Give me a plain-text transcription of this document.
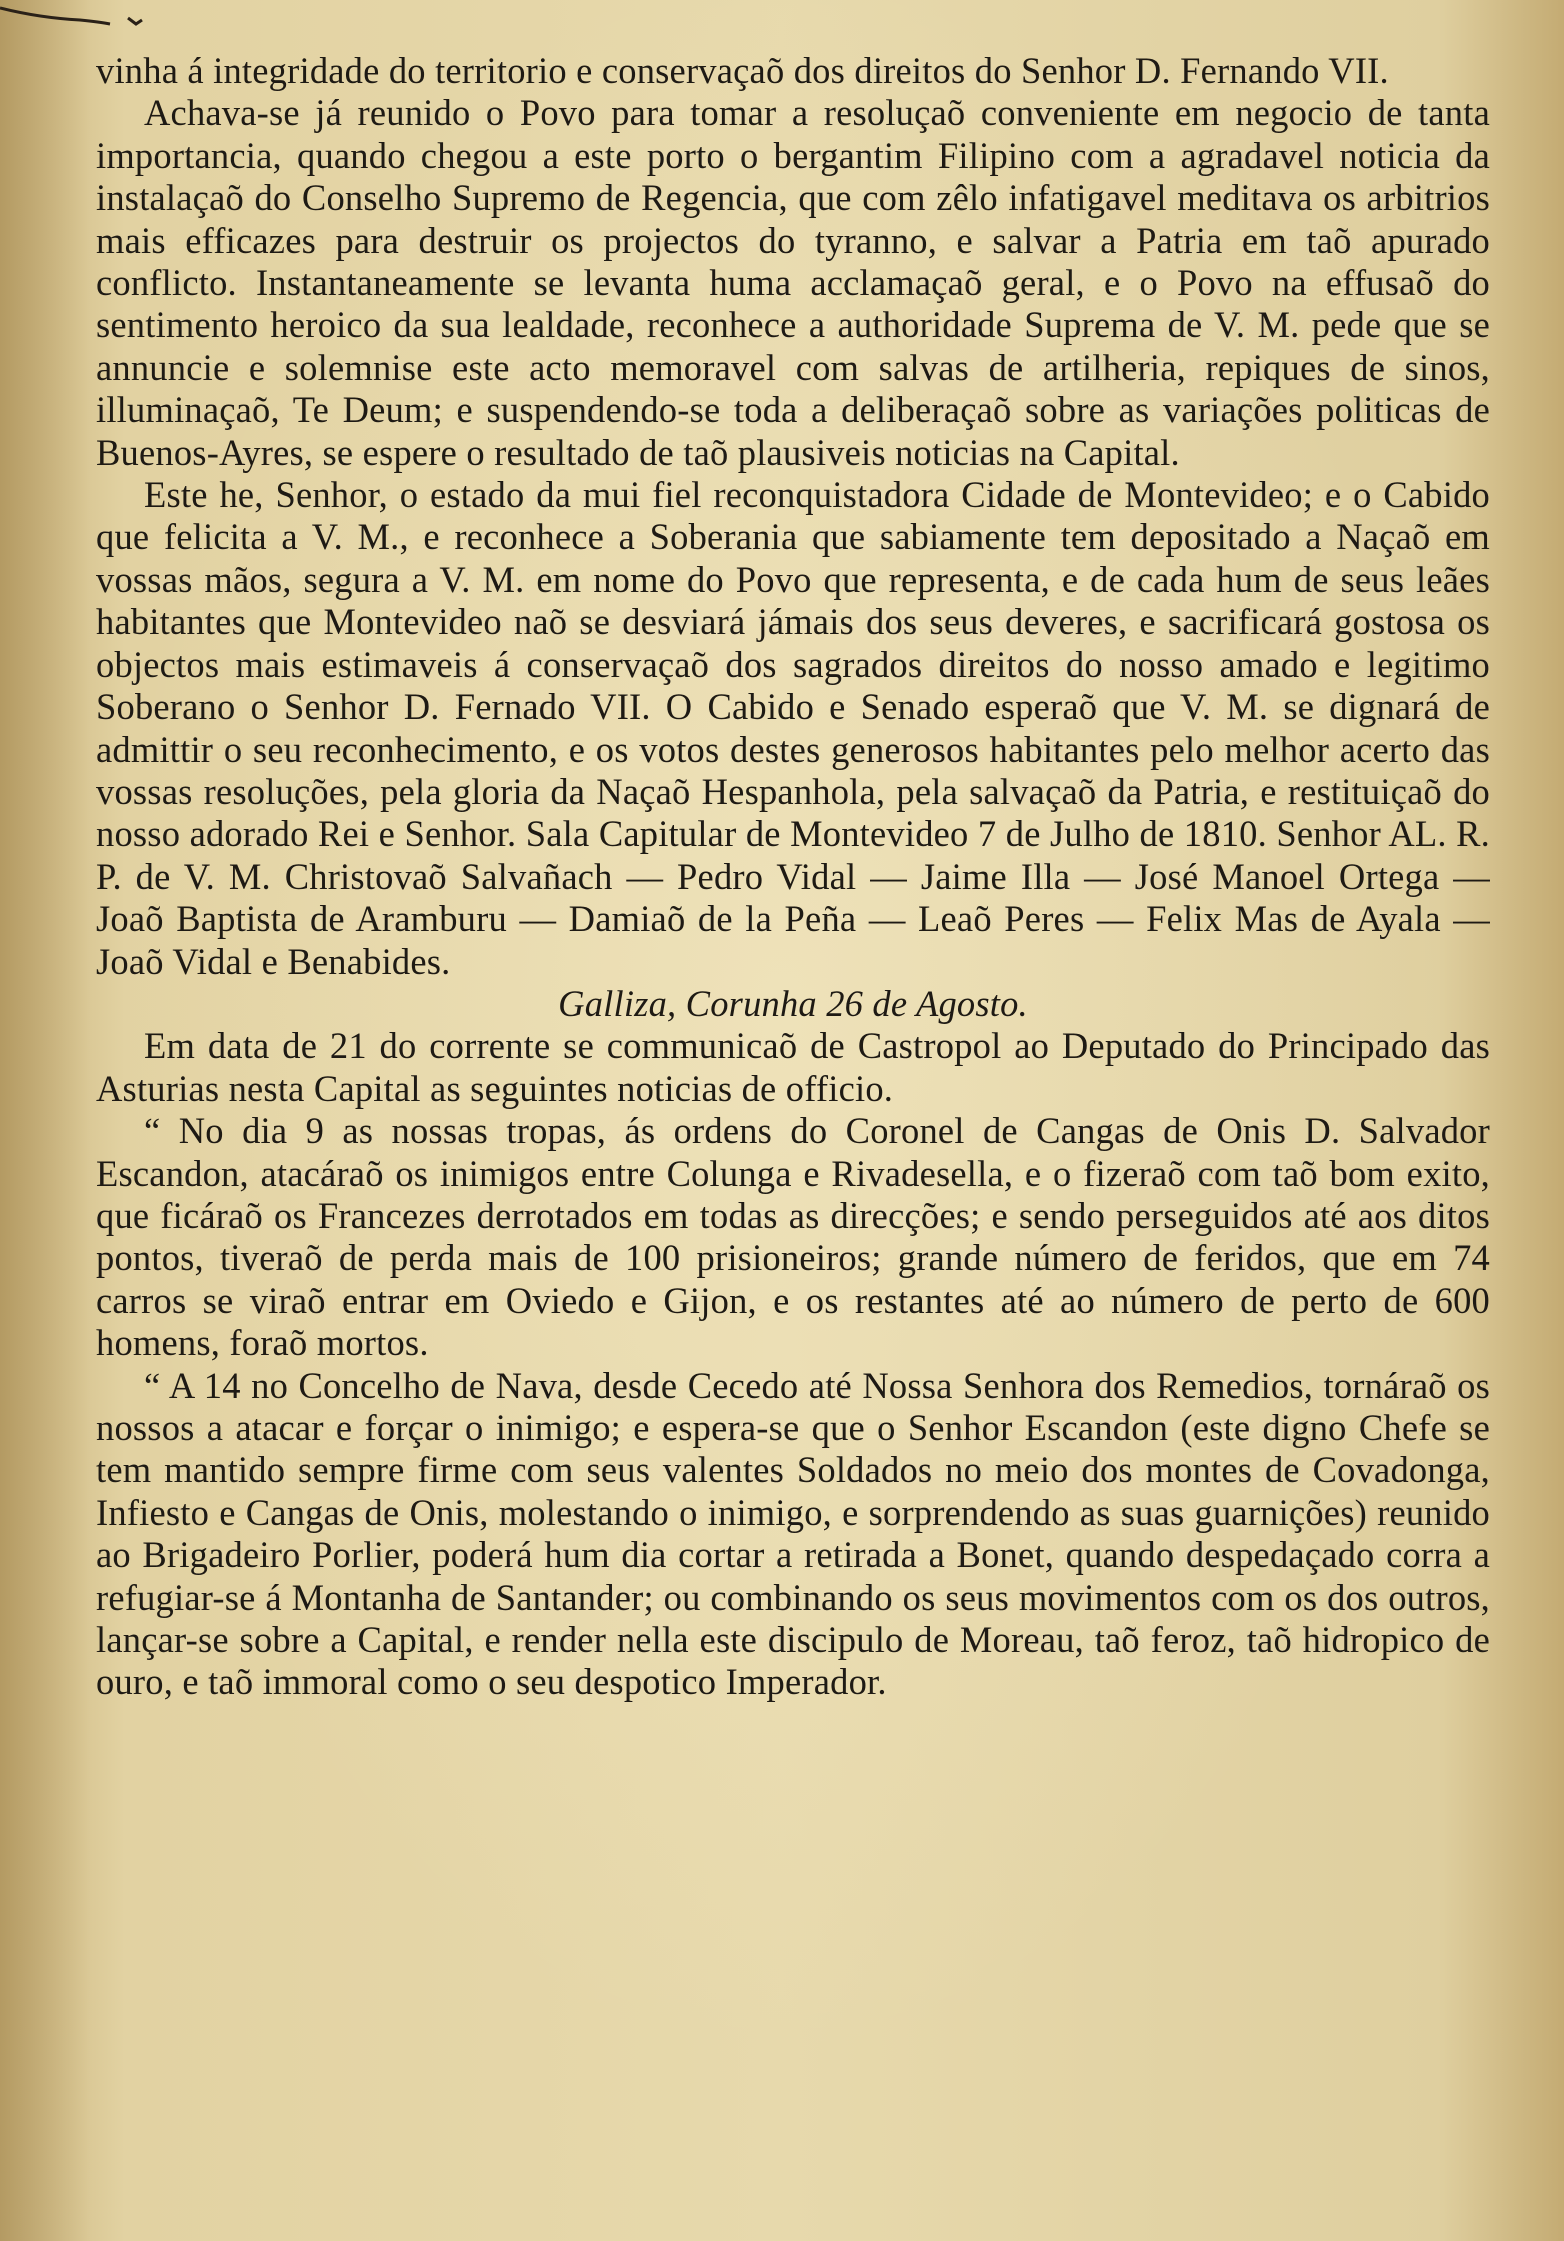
vinha á integridade do territorio e conservaçaõ dos direitos do Senhor D. Fernando VII.

Achava-se já reunido o Povo para tomar a resoluçaõ conveniente em negocio de tanta importancia, quando chegou a este porto o bergantim Filipino com a agradavel noticia da instalaçaõ do Conselho Supremo de Regencia, que com zêlo infatigavel meditava os arbitrios mais efficazes para destruir os projectos do tyranno, e salvar a Patria em taõ apurado conflicto. Instantaneamente se levanta huma acclamaçaõ geral, e o Povo na effusaõ do sentimento heroico da sua lealdade, reconhece a authoridade Suprema de V. M. pede que se annuncie e solemnise este acto memoravel com salvas de artilheria, repiques de sinos, illuminaçaõ, Te Deum; e suspendendo-se toda a deliberaçaõ sobre as variações politicas de Buenos-Ayres, se espere o resultado de taõ plausiveis noticias na Capital.

Este he, Senhor, o estado da mui fiel reconquistadora Cidade de Montevideo; e o Cabido que felicita a V. M., e reconhece a Soberania que sabiamente tem depositado a Naçaõ em vossas mãos, segura a V. M. em nome do Povo que representa, e de cada hum de seus leães habitantes que Montevideo naõ se desviará jámais dos seus deveres, e sacrificará gostosa os objectos mais estimaveis á conservaçaõ dos sagrados direitos do nosso amado e legitimo Soberano o Senhor D. Fernado VII. O Cabido e Senado esperaõ que V. M. se dignará de admittir o seu reconhecimento, e os votos destes generosos habitantes pelo melhor acerto das vossas resoluções, pela gloria da Naçaõ Hespanhola, pela salvaçaõ da Patria, e restituiçaõ do nosso adorado Rei e Senhor. Sala Capitular de Montevideo 7 de Julho de 1810. Senhor AL. R. P. de V. M. Christovaõ Salvañach — Pedro Vidal — Jaime Illa — José Manoel Ortega — Joaõ Baptista de Aramburu — Damiaõ de la Peña — Leaõ Peres — Felix Mas de Ayala — Joaõ Vidal e Benabides.

Galliza, Corunha 26 de Agosto.

Em data de 21 do corrente se communicaõ de Castropol ao Deputado do Principado das Asturias nesta Capital as seguintes noticias de officio.

“ No dia 9 as nossas tropas, ás ordens do Coronel de Cangas de Onis D. Salvador Escandon, atacáraõ os inimigos entre Colunga e Rivadesella, e o fizeraõ com taõ bom exito, que ficáraõ os Francezes derrotados em todas as direcções; e sendo perseguidos até aos ditos pontos, tiveraõ de perda mais de 100 prisioneiros; grande número de feridos, que em 74 carros se viraõ entrar em Oviedo e Gijon, e os restantes até ao número de perto de 600 homens, foraõ mortos.

“ A 14 no Concelho de Nava, desde Cecedo até Nossa Senhora dos Remedios, tornáraõ os nossos a atacar e forçar o inimigo; e espera-se que o Senhor Escandon (este digno Chefe se tem mantido sempre firme com seus valentes Soldados no meio dos montes de Covadonga, Infiesto e Cangas de Onis, molestando o inimigo, e sorprendendo as suas guarnições) reunido ao Brigadeiro Porlier, poderá hum dia cortar a retirada a Bonet, quando despedaçado corra a refugiar-se á Montanha de Santander; ou combinando os seus movimentos com os dos outros, lançar-se sobre a Capital, e render nella este discipulo de Moreau, taõ feroz, taõ hidropico de ouro, e taõ immoral como o seu despotico Imperador.
